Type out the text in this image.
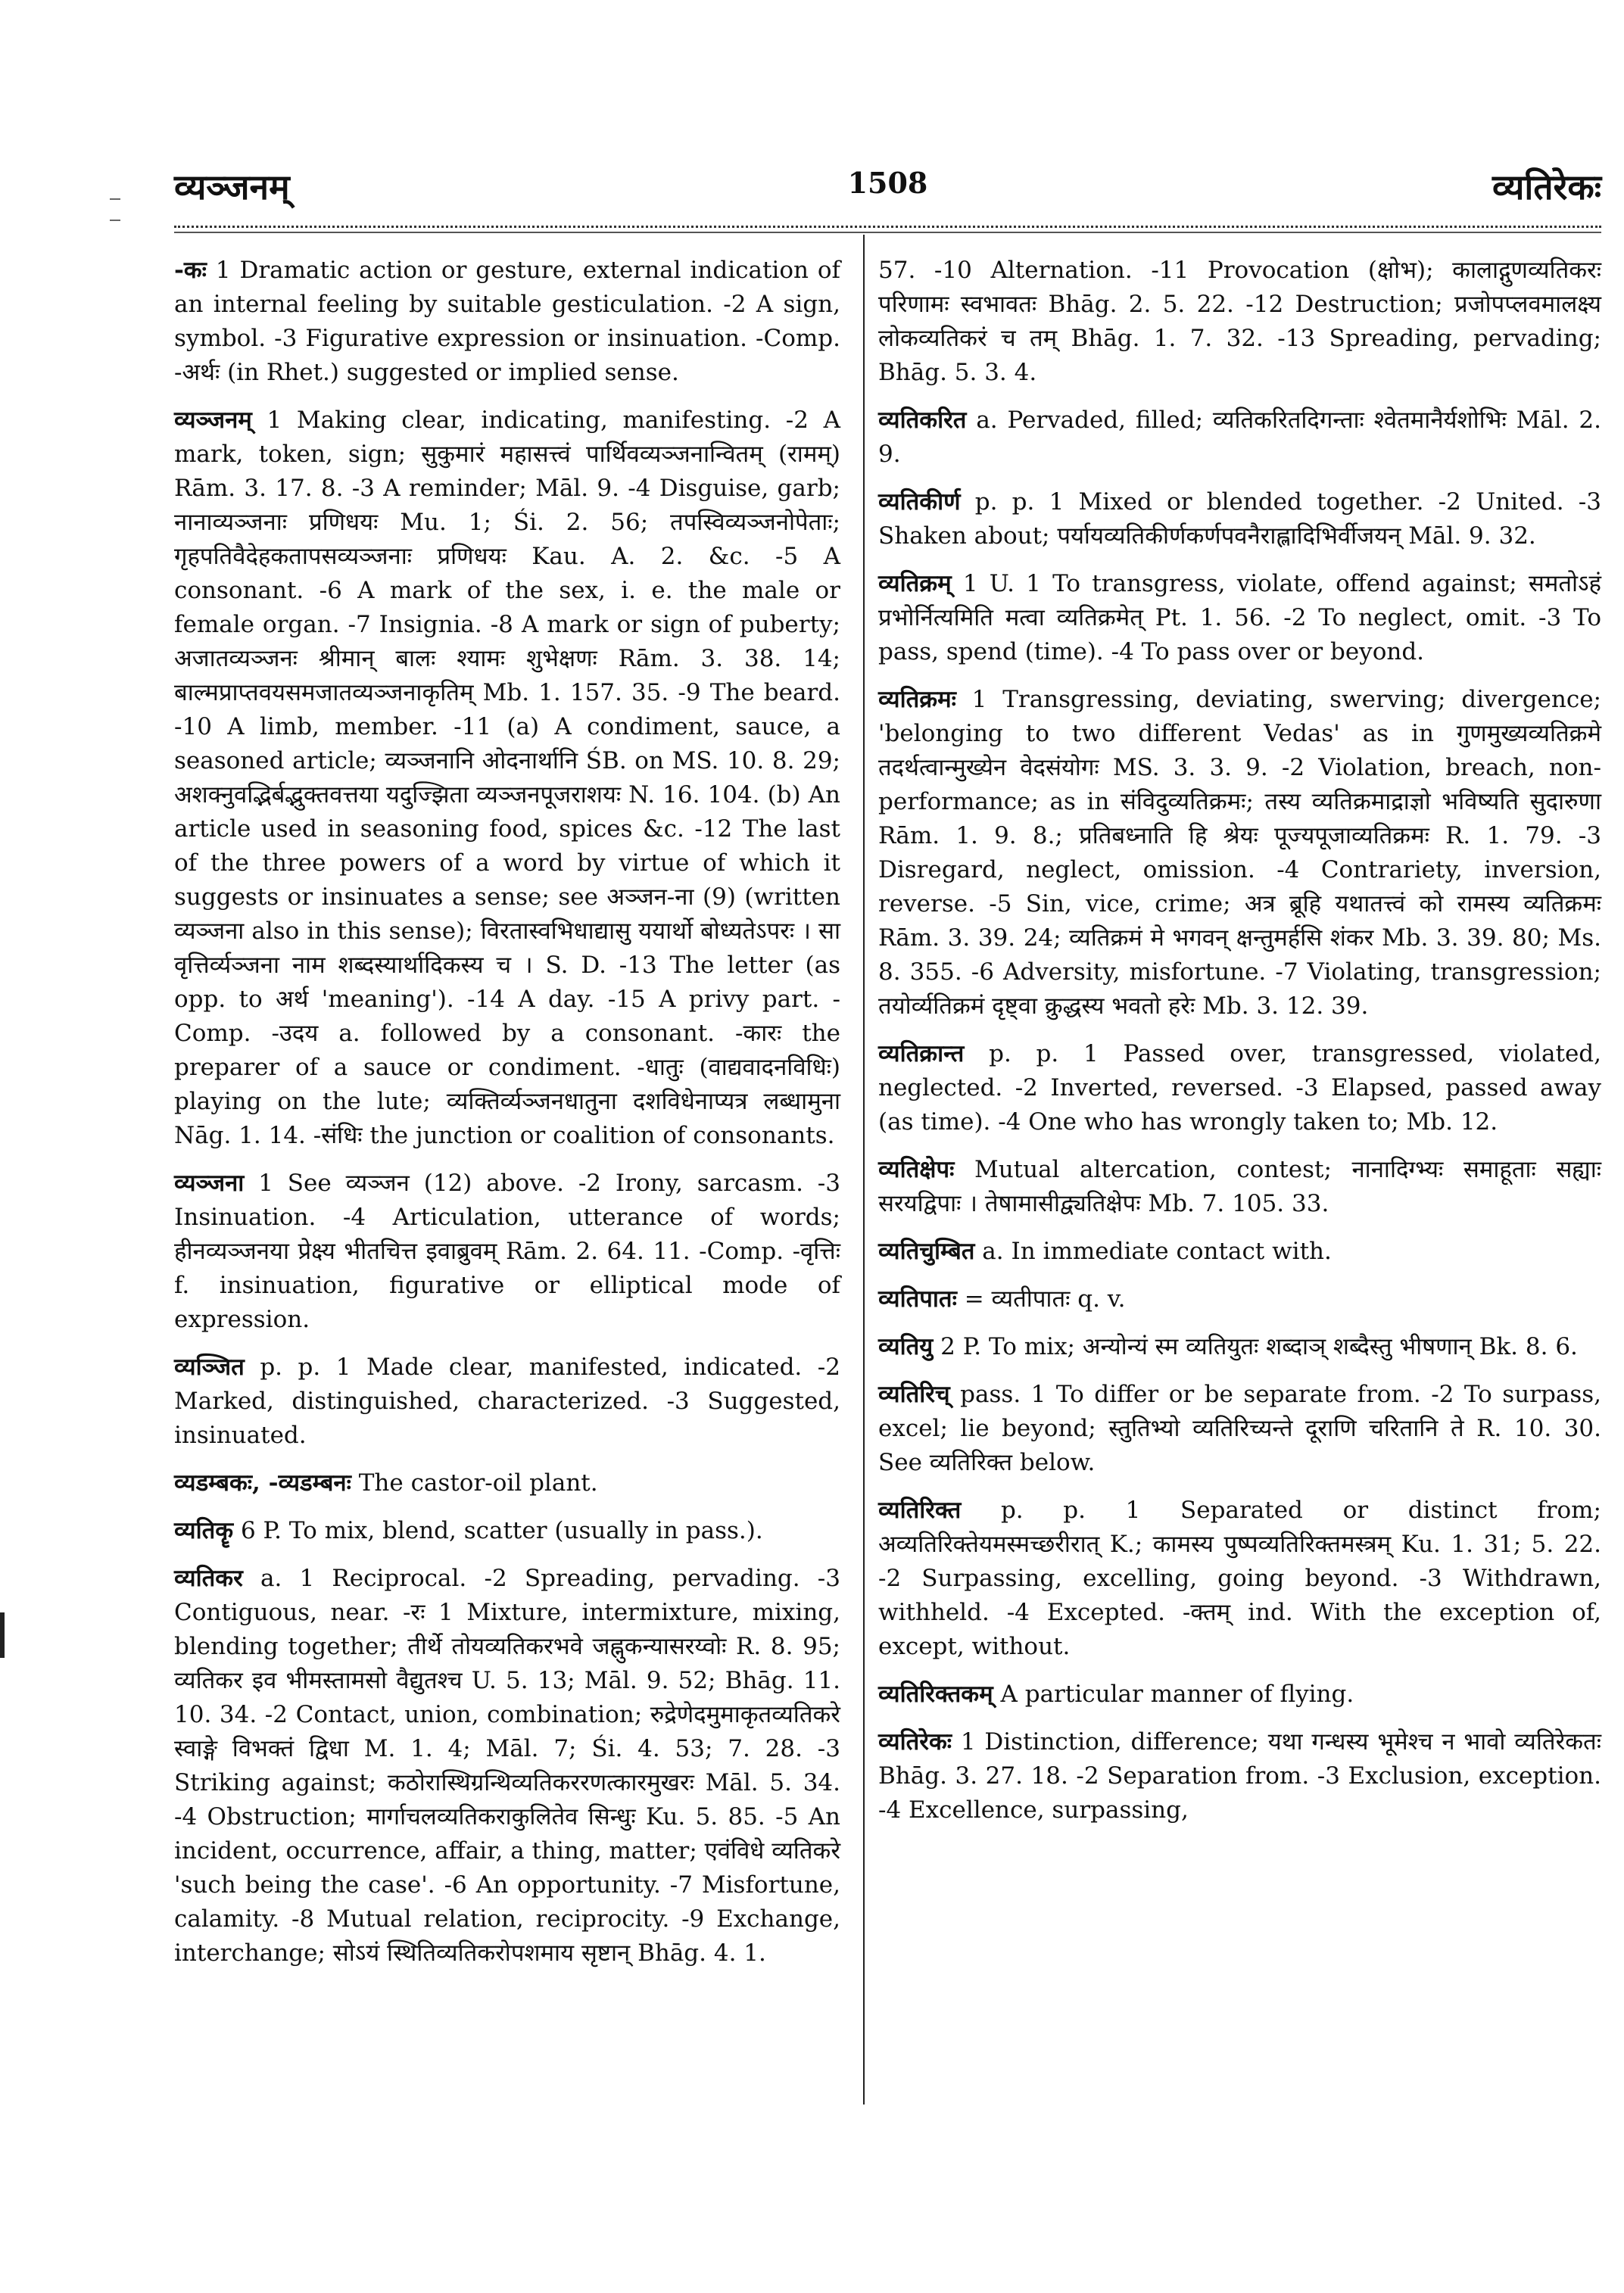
व्यञ्जनम्	1508	व्यतिरेकः

-कः 1 Dramatic action or gesture, external indication of an internal feeling by suitable gesticulation. -2 A sign, symbol. -3 Figurative expression or insinuation. -Comp. -अर्थः (in Rhet.) suggested or implied sense.

व्यञ्जनम् 1 Making clear, indicating, manifesting. -2 A mark, token, sign; सुकुमारं महासत्त्वं पार्थिवव्यञ्जनान्वितम् (रामम्) Rām. 3. 17. 8. -3 A reminder; Māl. 9. -4 Disguise, garb; नानाव्यञ्जनाः प्रणिधयः Mu. 1; Śi. 2. 56; तपस्विव्यञ्जनोपेताः; गृहपतिवैदेहकतापसव्यञ्जनाः प्रणिधयः Kau. A. 2. &c. -5 A consonant. -6 A mark of the sex, i. e. the male or female organ. -7 Insignia. -8 A mark or sign of puberty; अजातव्यञ्जनः श्रीमान् बालः श्यामः शुभेक्षणः Rām. 3. 38. 14; बाल्मप्राप्तवयसमजातव्यञ्जनाकृतिम् Mb. 1. 157. 35. -9 The beard. -10 A limb, member. -11 (a) A condiment, sauce, a seasoned article; व्यञ्जनानि ओदनार्थानि ŚB. on MS. 10. 8. 29; अशक्नुवद्भिर्बद्भुक्तवत्तया यदुज्झिता व्यञ्जनपूजराशयः N. 16. 104. (b) An article used in seasoning food, spices &c. -12 The last of the three powers of a word by virtue of which it suggests or insinuates a sense; see अञ्जन-ना (9) (written व्यञ्जना also in this sense); विरतास्वभिधाद्यासु ययार्थो बोध्यतेऽपरः । सा वृत्तिर्व्यञ्जना नाम शब्दस्यार्थादिकस्य च । S. D. -13 The letter (as opp. to अर्थ 'meaning'). -14 A day. -15 A privy part. -Comp. -उदय a. followed by a consonant. -कारः the preparer of a sauce or condiment. -धातुः (वाद्यवादनविधिः) playing on the lute; व्यक्तिर्व्यञ्जनधातुना दशविधेनाप्यत्र लब्धामुना Nāg. 1. 14. -संधिः the junction or coalition of consonants.

व्यञ्जना 1 See व्यञ्जन (12) above. -2 Irony, sarcasm. -3 Insinuation. -4 Articulation, utterance of words; हीनव्यञ्जनया प्रेक्ष्य भीतचित्त इवाब्रुवम् Rām. 2. 64. 11. -Comp. -वृत्तिः f. insinuation, figurative or elliptical mode of expression.

व्यञ्जित p. p. 1 Made clear, manifested, indicated. -2 Marked, distinguished, characterized. -3 Suggested, insinuated.

व्यडम्बकः, -व्यडम्बनः The castor-oil plant.

व्यतिकॄ 6 P. To mix, blend, scatter (usually in pass.).

व्यतिकर a. 1 Reciprocal. -2 Spreading, pervading. -3 Contiguous, near. -रः 1 Mixture, intermixture, mixing, blending together; तीर्थे तोयव्यतिकरभवे जह्नुकन्यासरय्वोः R. 8. 95; व्यतिकर इव भीमस्तामसो वैद्युतश्च U. 5. 13; Māl. 9. 52; Bhāg. 11. 10. 34. -2 Contact, union, combination; रुद्रेणेदमुमाकृतव्यतिकरे स्वाङ्गे विभक्तं द्विधा M. 1. 4; Māl. 7; Śi. 4. 53; 7. 28. -3 Striking against; कठोरास्थिग्रन्थिव्यतिकररणत्कारमुखरः Māl. 5. 34. -4 Obstruction; मार्गाचलव्यतिकराकुलितेव सिन्धुः Ku. 5. 85. -5 An incident, occurrence, affair, a thing, matter; एवंविधे व्यतिकरे 'such being the case'. -6 An opportunity. -7 Misfortune, calamity. -8 Mutual relation, reciprocity. -9 Exchange, interchange; सोऽयं स्थितिव्यतिकरोपशमाय सृष्टान् Bhāg. 4. 1.

57. -10 Alternation. -11 Provocation (क्षोभ); कालाद्गुणव्यतिकरः परिणामः स्वभावतः Bhāg. 2. 5. 22. -12 Destruction; प्रजोपप्लवमालक्ष्य लोकव्यतिकरं च तम् Bhāg. 1. 7. 32. -13 Spreading, pervading; Bhāg. 5. 3. 4.

व्यतिकरित a. Pervaded, filled; व्यतिकरितदिगन्ताः श्वेतमानैर्यशोभिः Māl. 2. 9.

व्यतिकीर्ण p. p. 1 Mixed or blended together. -2 United. -3 Shaken about; पर्यायव्यतिकीर्णकर्णपवनैराह्लादिभिर्वीजयन् Māl. 9. 32.

व्यतिक्रम् 1 U. 1 To transgress, violate, offend against; समतोऽहं प्रभोर्नित्यमिति मत्वा व्यतिक्रमेत् Pt. 1. 56. -2 To neglect, omit. -3 To pass, spend (time). -4 To pass over or beyond.

व्यतिक्रमः 1 Transgressing, deviating, swerving; divergence; 'belonging to two different Vedas' as in गुणमुख्यव्यतिक्रमे तदर्थत्वान्मुख्येन वेदसंयोगः MS. 3. 3. 9. -2 Violation, breach, non-performance; as in संविदुव्यतिक्रमः; तस्य व्यतिक्रमाद्राज्ञो भविष्यति सुदारुणा Rām. 1. 9. 8.; प्रतिबध्नाति हि श्रेयः पूज्यपूजाव्यतिक्रमः R. 1. 79. -3 Disregard, neglect, omission. -4 Contrariety, inversion, reverse. -5 Sin, vice, crime; अत्र ब्रूहि यथातत्त्वं को रामस्य व्यतिक्रमः Rām. 3. 39. 24; व्यतिक्रमं मे भगवन् क्षन्तुमर्हसि शंकर Mb. 3. 39. 80; Ms. 8. 355. -6 Adversity, misfortune. -7 Violating, transgression; तयोर्व्यतिक्रमं दृष्ट्वा क्रुद्धस्य भवतो हरेः Mb. 3. 12. 39.

व्यतिक्रान्त p. p. 1 Passed over, transgressed, violated, neglected. -2 Inverted, reversed. -3 Elapsed, passed away (as time). -4 One who has wrongly taken to; Mb. 12.

व्यतिक्षेपः Mutual altercation, contest; नानादिग्भ्यः समाहूताः सह्याः सरयद्विपाः । तेषामासीद्व्यतिक्षेपः Mb. 7. 105. 33.

व्यतिचुम्बित a. In immediate contact with.

व्यतिपातः = व्यतीपातः q. v.

व्यतियु 2 P. To mix; अन्योन्यं स्म व्यतियुतः शब्दाञ् शब्दैस्तु भीषणान् Bk. 8. 6.

व्यतिरिच् pass. 1 To differ or be separate from. -2 To surpass, excel; lie beyond; स्तुतिभ्यो व्यतिरिच्यन्ते दूराणि चरितानि ते R. 10. 30. See व्यतिरिक्त below.

व्यतिरिक्त p. p. 1 Separated or distinct from; अव्यतिरिक्तेयमस्मच्छरीरात् K.; कामस्य पुष्पव्यतिरिक्तमस्त्रम् Ku. 1. 31; 5. 22. -2 Surpassing, excelling, going beyond. -3 Withdrawn, withheld. -4 Excepted. -क्तम् ind. With the exception of, except, without.

व्यतिरिक्तकम् A particular manner of flying.

व्यतिरेकः 1 Distinction, difference; यथा गन्धस्य भूमेश्च न भावो व्यतिरेकतः Bhāg. 3. 27. 18. -2 Separation from. -3 Exclusion, exception. -4 Excellence, surpassing,
